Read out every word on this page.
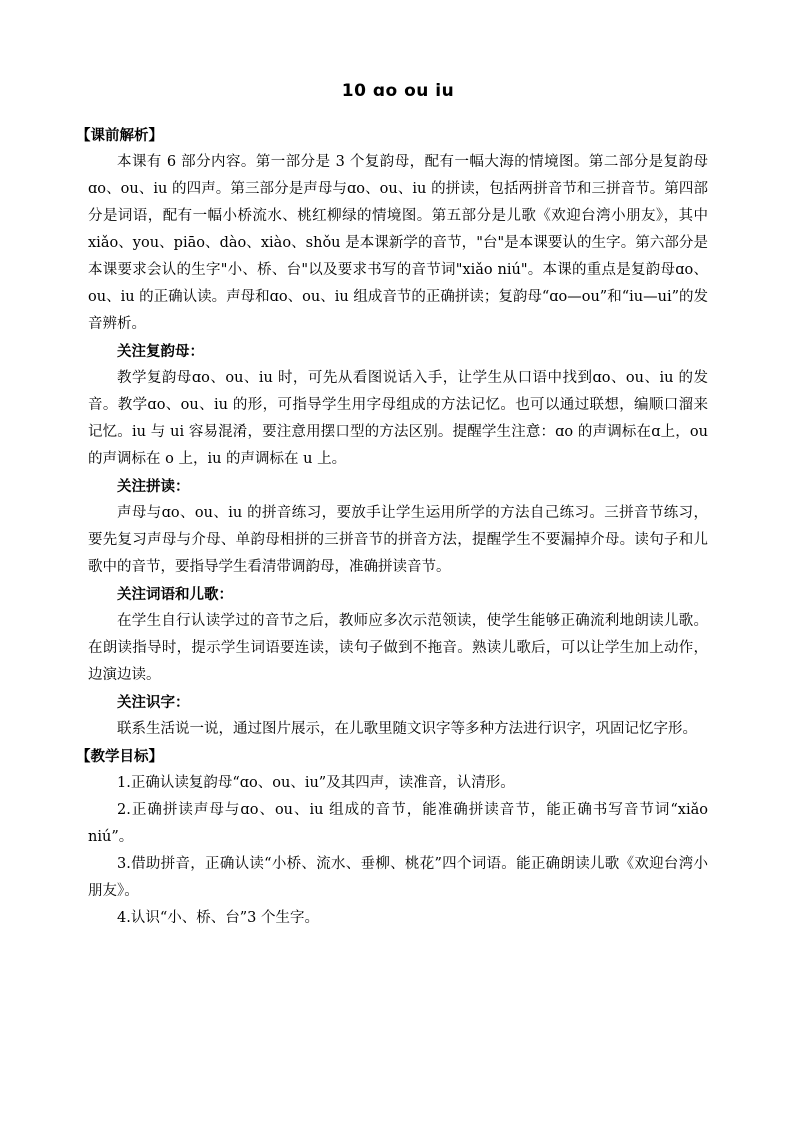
10 ɑo ou iu
【课前解析】

本课有 6 部分内容。第一部分是 3 个复韵母，配有一幅大海的情境图。第二部分是复韵母ɑo、ou、iu 的四声。第三部分是声母与ɑo、ou、iu 的拼读，包括两拼音节和三拼音节。第四部分是词语，配有一幅小桥流水、桃红柳绿的情境图。第五部分是儿歌《欢迎台湾小朋友》，其中 xiǎo、you、piāo、dào、xiào、shǒu 是本课新学的音节，"台"是本课要认的生字。第六部分是本课要求会认的生字"小、桥、台"以及要求书写的音节词"xiǎo niú"。本课的重点是复韵母ɑo、ou、iu 的正确认读。声母和ɑo、ou、iu 组成音节的正确拼读；复韵母“ɑo—ou”和“iu—ui”的发音辨析。

关注复韵母：

教学复韵母ɑo、ou、iu 时，可先从看图说话入手，让学生从口语中找到ɑo、ou、iu 的发音。教学ɑo、ou、iu 的形，可指导学生用字母组成的方法记忆。也可以通过联想，编顺口溜来记忆。iu 与 ui 容易混淆，要注意用摆口型的方法区别。提醒学生注意：ɑo 的声调标在ɑ上，ou 的声调标在 o 上，iu 的声调标在 u 上。

关注拼读：

声母与ɑo、ou、iu 的拼音练习，要放手让学生运用所学的方法自己练习。三拼音节练习，要先复习声母与介母、单韵母相拼的三拼音节的拼音方法，提醒学生不要漏掉介母。读句子和儿歌中的音节，要指导学生看清带调韵母，准确拼读音节。

关注词语和儿歌：

在学生自行认读学过的音节之后，教师应多次示范领读，使学生能够正确流利地朗读儿歌。在朗读指导时，提示学生词语要连读，读句子做到不拖音。熟读儿歌后，可以让学生加上动作，边演边读。

关注识字：

联系生活说一说，通过图片展示，在儿歌里随文识字等多种方法进行识字，巩固记忆字形。

【教学目标】

1.正确认读复韵母“ɑo、ou、iu”及其四声，读准音，认清形。

2.正确拼读声母与ɑo、ou、iu 组成的音节，能准确拼读音节，能正确书写音节词“xiǎo niú”。

3.借助拼音，正确认读“小桥、流水、垂柳、桃花”四个词语。能正确朗读儿歌《欢迎台湾小朋友》。

4.认识“小、桥、台”3 个生字。
